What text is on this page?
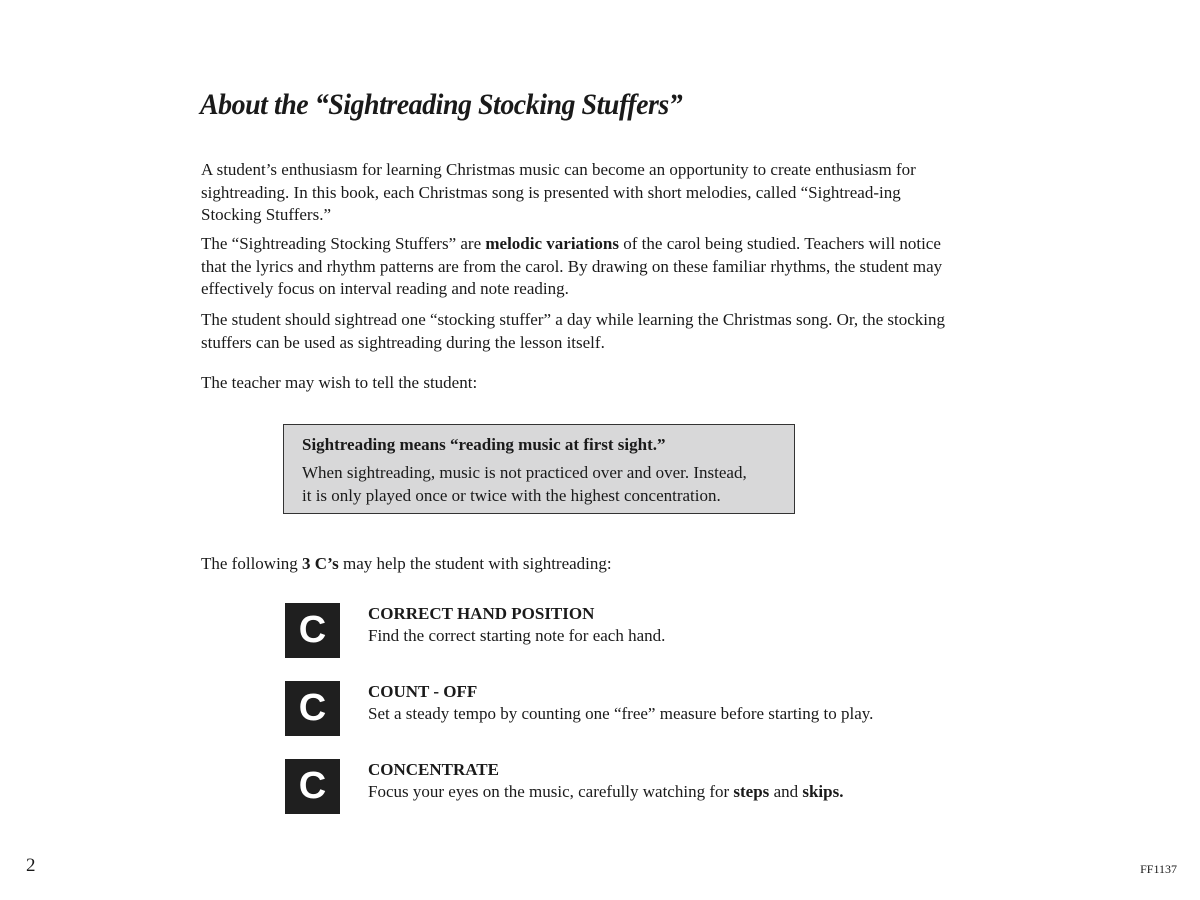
About the “Sightreading Stocking Stuffers”

A student’s enthusiasm for learning Christmas music can become an opportunity to create enthusiasm for sightreading. In this book, each Christmas song is presented with short melodies, called “Sightread-ing Stocking Stuffers.”

The “Sightreading Stocking Stuffers” are melodic variations of the carol being studied. Teachers will notice that the lyrics and rhythm patterns are from the carol. By drawing on these familiar rhythms, the student may effectively focus on interval reading and note reading.

The student should sightread one “stocking stuffer” a day while learning the Christmas song. Or, the stocking stuffers can be used as sightreading during the lesson itself.

The teacher may wish to tell the student:

Sightreading means “reading music at first sight.”

When sightreading, music is not practiced over and over. Instead,
it is only played once or twice with the highest concentration.

The following 3 C’s may help the student with sightreading:

C	CORRECT HAND POSITION
Find the correct starting note for each hand.
C	COUNT - OFF
Set a steady tempo by counting one “free” measure before starting to play.
C	CONCENTRATE
Focus your eyes on the music, carefully watching for steps and skips.
2	FF1137
